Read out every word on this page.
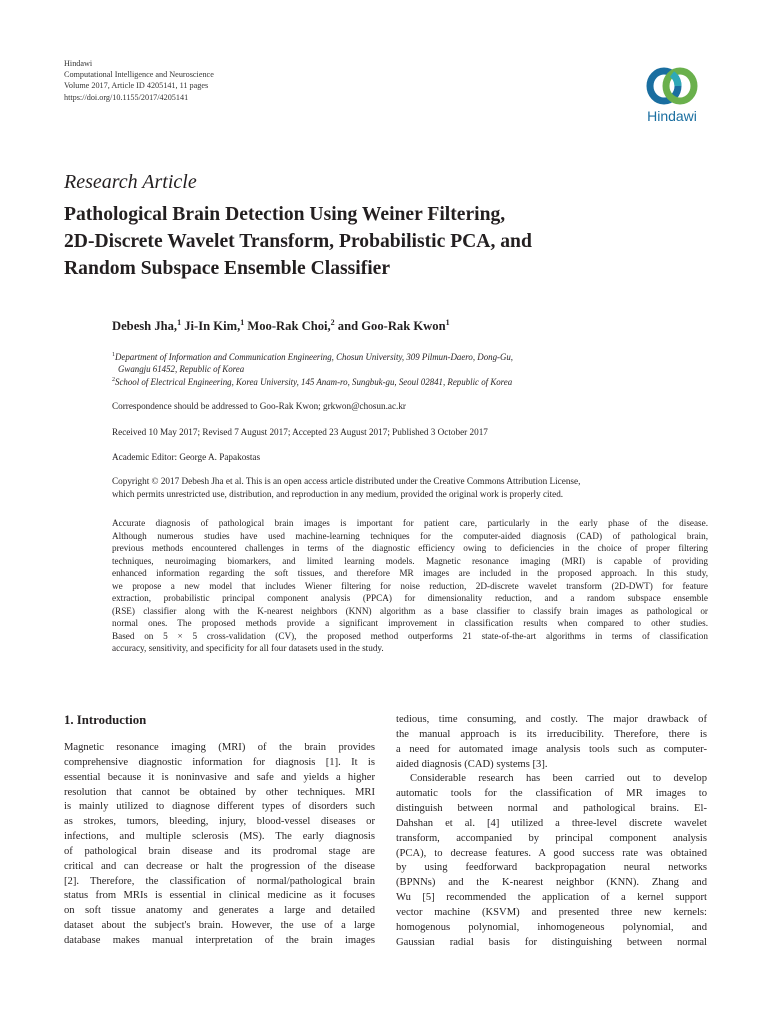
Hindawi
Computational Intelligence and Neuroscience
Volume 2017, Article ID 4205141, 11 pages
https://doi.org/10.1155/2017/4205141
Hindawi
Research Article
Pathological Brain Detection Using Weiner Filtering,
2D-Discrete Wavelet Transform, Probabilistic PCA, and
Random Subspace Ensemble Classifier
Debesh Jha,$^1$ Ji-In Kim,$^1$ Moo-Rak Choi,$^2$ and Goo-Rak Kwon$^1$
$^1$Department of Information and Communication Engineering, Chosun University, 309 Pilmun-Daero, Dong-Gu,
Gwangju 61452, Republic of Korea
$^2$School of Electrical Engineering, Korea University, 145 Anam-ro, Sungbuk-gu, Seoul 02841, Republic of Korea
Correspondence should be addressed to Goo-Rak Kwon; grkwon@chosun.ac.kr
Received 10 May 2017; Revised 7 August 2017; Accepted 23 August 2017; Published 3 October 2017
Academic Editor: George A. Papakostas
Copyright © 2017 Debesh Jha et al. This is an open access article distributed under the Creative Commons Attribution License,
which permits unrestricted use, distribution, and reproduction in any medium, provided the original work is properly cited.
Accurate diagnosis of pathological brain images is important for patient care, particularly in the early phase of the disease.
Although numerous studies have used machine-learning techniques for the computer-aided diagnosis (CAD) of pathological brain,
previous methods encountered challenges in terms of the diagnostic efficiency owing to deficiencies in the choice of proper filtering
techniques, neuroimaging biomarkers, and limited learning models. Magnetic resonance imaging (MRI) is capable of providing
enhanced information regarding the soft tissues, and therefore MR images are included in the proposed approach. In this study,
we propose a new model that includes Wiener filtering for noise reduction, 2D-discrete wavelet transform (2D-DWT) for feature
extraction, probabilistic principal component analysis (PPCA) for dimensionality reduction, and a random subspace ensemble
(RSE) classifier along with the K-nearest neighbors (KNN) algorithm as a base classifier to classify brain images as pathological or
normal ones. The proposed methods provide a significant improvement in classification results when compared to other studies.
Based on 5 × 5 cross-validation (CV), the proposed method outperforms 21 state-of-the-art algorithms in terms of classification
accuracy, sensitivity, and specificity for all four datasets used in the study.
1. Introduction
Magnetic resonance imaging (MRI) of the brain provides
comprehensive diagnostic information for diagnosis [1]. It is
essential because it is noninvasive and safe and yields a higher
resolution that cannot be obtained by other techniques. MRI
is mainly utilized to diagnose different types of disorders such
as strokes, tumors, bleeding, injury, blood-vessel diseases or
infections, and multiple sclerosis (MS). The early diagnosis
of pathological brain disease and its prodromal stage are
critical and can decrease or halt the progression of the disease
[2]. Therefore, the classification of normal/pathological brain
status from MRIs is essential in clinical medicine as it focuses
on soft tissue anatomy and generates a large and detailed
dataset about the subject's brain. However, the use of a large
database makes manual interpretation of the brain images
tedious, time consuming, and costly. The major drawback of
the manual approach is its irreducibility. Therefore, there is
a need for automated image analysis tools such as computer-
aided diagnosis (CAD) systems [3].
Considerable research has been carried out to develop
automatic tools for the classification of MR images to
distinguish between normal and pathological brains. El-
Dahshan et al. [4] utilized a three-level discrete wavelet
transform, accompanied by principal component analysis
(PCA), to decrease features. A good success rate was obtained
by using feedforward backpropagation neural networks
(BPNNs) and the K-nearest neighbor (KNN). Zhang and
Wu [5] recommended the application of a kernel support
vector machine (KSVM) and presented three new kernels:
homogenous polynomial, inhomogeneous polynomial, and
Gaussian radial basis for distinguishing between normal
